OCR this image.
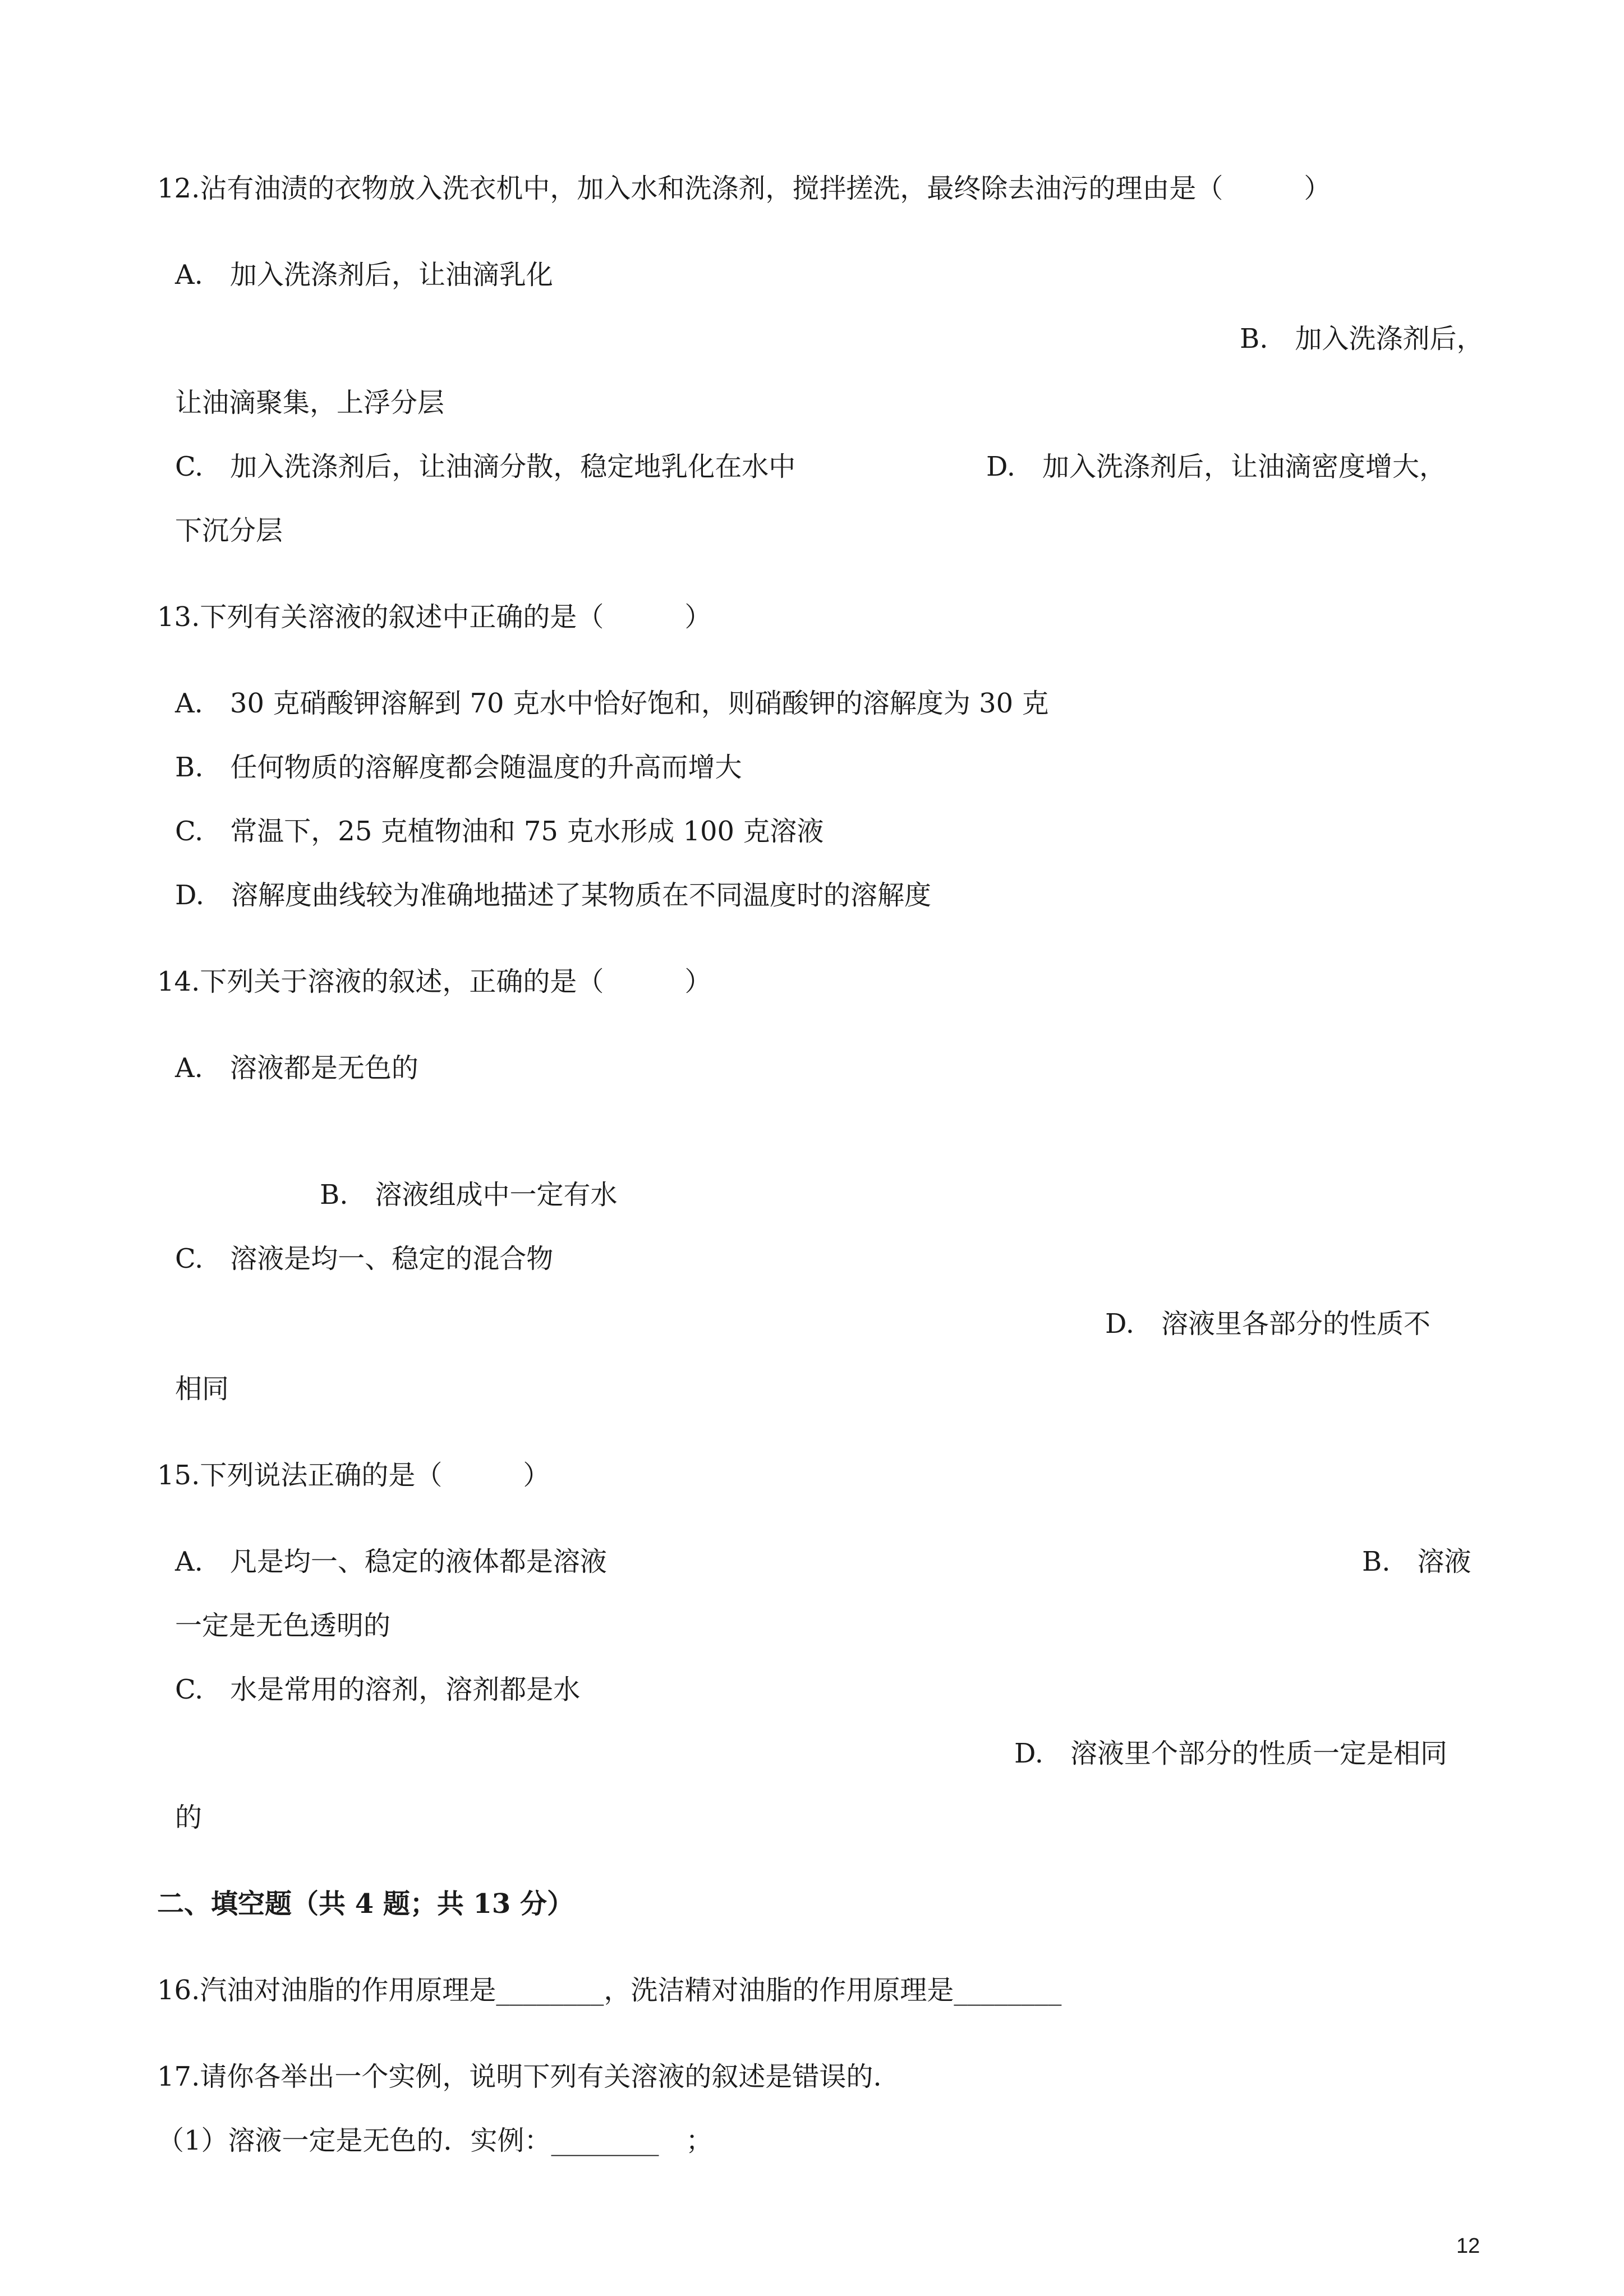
12.沾有油渍的衣物放入洗衣机中，加入水和洗涤剂，搅拌搓洗，最终除去油污的理由是（　　　）
A.　加入洗涤剂后，让油滴乳化
B.　加入洗涤剂后，
让油滴聚集，上浮分层
C.　加入洗涤剂后，让油滴分散，稳定地乳化在水中	D.　加入洗涤剂后，让油滴密度增大，
下沉分层
13.下列有关溶液的叙述中正确的是（　　　）
A.　30 克硝酸钾溶解到 70 克水中恰好饱和，则硝酸钾的溶解度为 30 克
B.　任何物质的溶解度都会随温度的升高而增大
C.　常温下，25 克植物油和 75 克水形成 100 克溶液
D.　溶解度曲线较为准确地描述了某物质在不同温度时的溶解度
14.下列关于溶液的叙述，正确的是（　　　）
A.　溶液都是无色的
B.　溶液组成中一定有水
C.　溶液是均一、稳定的混合物
D.　溶液里各部分的性质不
相同
15.下列说法正确的是（　　　）
A.　凡是均一、稳定的液体都是溶液	B.　溶液
一定是无色透明的
C.　水是常用的溶剂，溶剂都是水
D.　溶液里个部分的性质一定是相同
的
二、填空题（共 4 题；共 13 分）
16.汽油对油脂的作用原理是________，洗洁精对油脂的作用原理是________
17.请你各举出一个实例，说明下列有关溶液的叙述是错误的.
（1）溶液一定是无色的．实例：________　；
12
